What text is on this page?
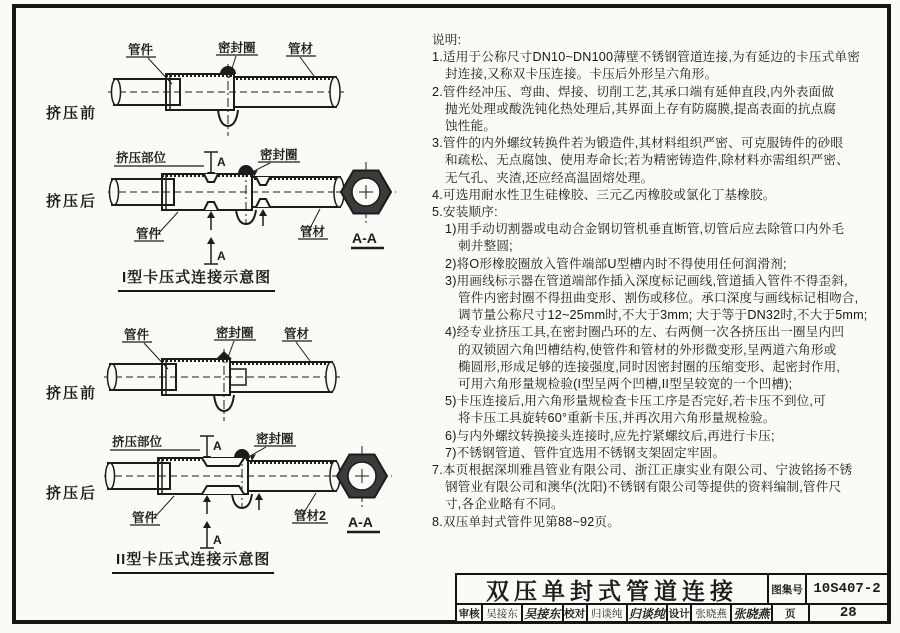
挤压前
管件	密封圈	管材
挤压后
挤压部位	A	密封圈
管件	管材
A
A-A
I型卡压式连接示意图
挤压前
管件	密封圈 管材
挤压后
挤压部位	A	密封圈
管件	管材2
A
A-A
II型卡压式连接示意图
说明:
1.适用于公称尺寸DN10~DN100薄壁不锈钢管道连接,为有延边的卡压式单密
封连接,又称双卡压连接。卡压后外形呈六角形。
2.管件经冲压、弯曲、焊接、切削工艺,其承口端有延伸直段,内外表面做
抛光处理或酸洗钝化热处理后,其界面上存有防腐膜,提高表面的抗点腐
蚀性能。
3.管件的内外螺纹转换件若为锻造件,其材料组织严密、可克服铸件的砂眼
和疏松、无点腐蚀、使用寿命长;若为精密铸造件,除材料亦需组织严密、
无气孔、夹渣,还应经高温固熔处理。
4.可选用耐水性卫生硅橡胶、三元乙丙橡胶或氯化丁基橡胶。
5.安装顺序:
1)用手动切割器或电动合金钢切管机垂直断管,切管后应去除管口内外毛
刺并整圆;
2)将O形橡胶圈放入管件端部U型槽内时不得使用任何润滑剂;
3)用画线标示器在管道端部作插入深度标记画线,管道插入管件不得歪斜,
管件内密封圈不得扭曲变形、割伤或移位。承口深度与画线标记相吻合,
调节量公称尺寸12~25mm时,不大于3mm; 大于等于DN32时,不大于5mm;
4)经专业挤压工具,在密封圈凸环的左、右两侧一次各挤压出一圈呈内凹
的双锁固六角凹槽结构,使管件和管材的外形微变形,呈两道六角形或
椭圆形,形成足够的连接强度,同时因密封圈的压缩变形、起密封作用,
可用六角形量规检验(I型呈两个凹槽,II型呈较宽的一个凹槽);
5)卡压连接后,用六角形量规检查卡压工序是否完好,若卡压不到位,可
将卡压工具旋转60°重新卡压,并再次用六角形量规检验。
6)与内外螺纹转换接头连接时,应先拧紧螺纹后,再进行卡压;
7)不锈钢管道、管件宜选用不锈钢支架固定牢固。
7.本页根据深圳雅昌管业有限公司、浙江正康实业有限公司、宁波铭扬不锈
钢管业有限公司和澳华(沈阳)不锈钢有限公司等提供的资料编制,管件尺
寸,各企业略有不同。
8.双压单封式管件见第88~92页。
双压单封式管道连接	图集号 10S407-2
审核 吴接东 吴接东 校对 归谈纯 归谈纯 设计 张晓燕 张晓燕	页	28
